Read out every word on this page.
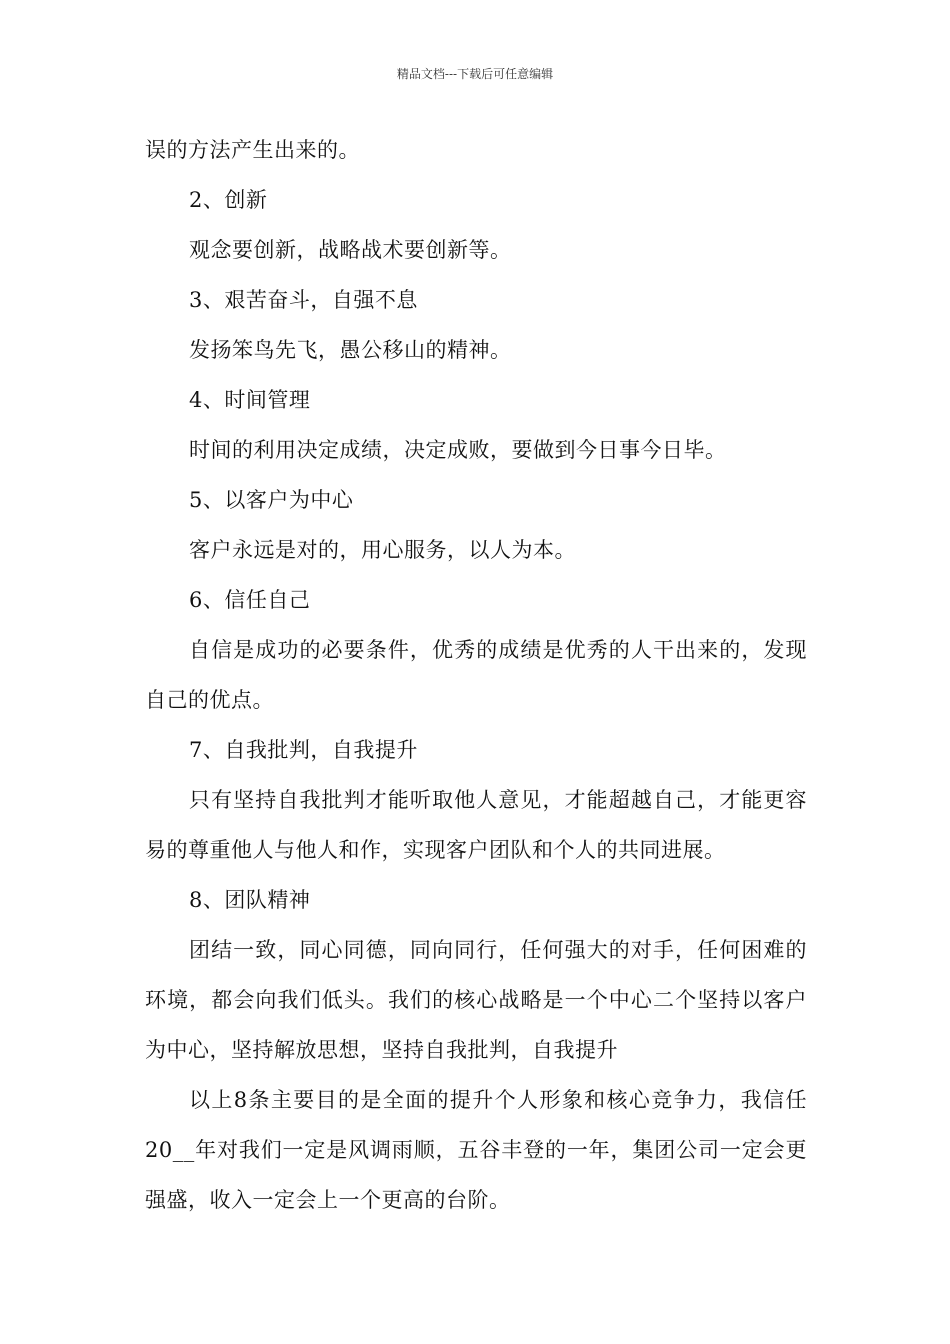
精品文档---下载后可任意编辑

误的方法产生出来的。

2、创新

观念要创新，战略战术要创新等。

3、艰苦奋斗，自强不息

发扬笨鸟先飞，愚公移山的精神。

4、时间管理

时间的利用决定成绩，决定成败，要做到今日事今日毕。

5、以客户为中心

客户永远是对的，用心服务，以人为本。

6、信任自己

自信是成功的必要条件，优秀的成绩是优秀的人干出来的，发现自己的优点。

7、自我批判，自我提升

只有坚持自我批判才能听取他人意见，才能超越自己，才能更容易的尊重他人与他人和作，实现客户团队和个人的共同进展。

8、团队精神

团结一致，同心同德，同向同行，任何强大的对手，任何困难的环境，都会向我们低头。我们的核心战略是一个中心二个坚持以客户为中心，坚持解放思想，坚持自我批判，自我提升

以上8条主要目的是全面的提升个人形象和核心竞争力，我信任20__年对我们一定是风调雨顺，五谷丰登的一年，集团公司一定会更强盛，收入一定会上一个更高的台阶。
